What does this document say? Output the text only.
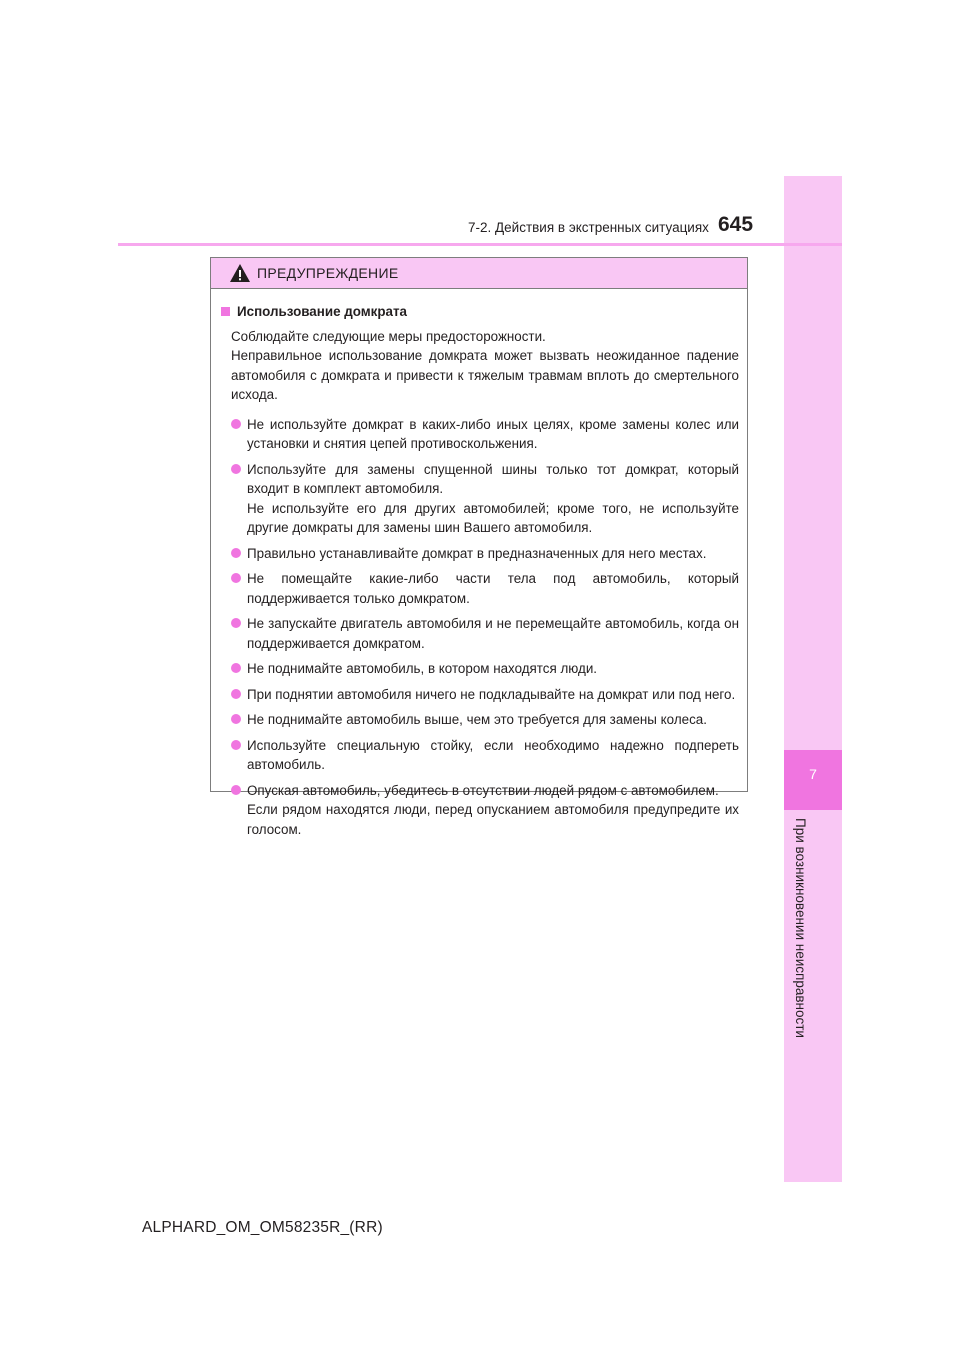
7
При возникновении неисправности
7-2. Действия в экстренных ситуациях 645
ПРЕДУПРЕЖДЕНИЕ
Использование домкрата

Соблюдайте следующие меры предосторожности.

Неправильное использование домкрата может вызвать неожиданное падение автомобиля с домкрата и привести к тяжелым травмам вплоть до смертельного исхода.

Не используйте домкрат в каких-либо иных целях, кроме замены колес или установки и снятия цепей противоскольжения.

Используйте для замены спущенной шины только тот домкрат, который входит в комплект автомобиля.

Не используйте его для других автомобилей; кроме того, не используйте другие домкраты для замены шин Вашего автомобиля.

Правильно устанавливайте домкрат в предназначенных для него местах.

Не помещайте какие-либо части тела под автомобиль, который поддерживается только домкратом.

Не запускайте двигатель автомобиля и не перемещайте автомобиль, когда он поддерживается домкратом.

Не поднимайте автомобиль, в котором находятся люди.

При поднятии автомобиля ничего не подкладывайте на домкрат или под него.

Не поднимайте автомобиль выше, чем это требуется для замены колеса.

Используйте специальную стойку, если необходимо надежно подпереть автомобиль.

Опуская автомобиль, убедитесь в отсутствии людей рядом с автомобилем.

Если рядом находятся люди, перед опусканием автомобиля предупредите их голосом.

ALPHARD_OM_OM58235R_(RR)
